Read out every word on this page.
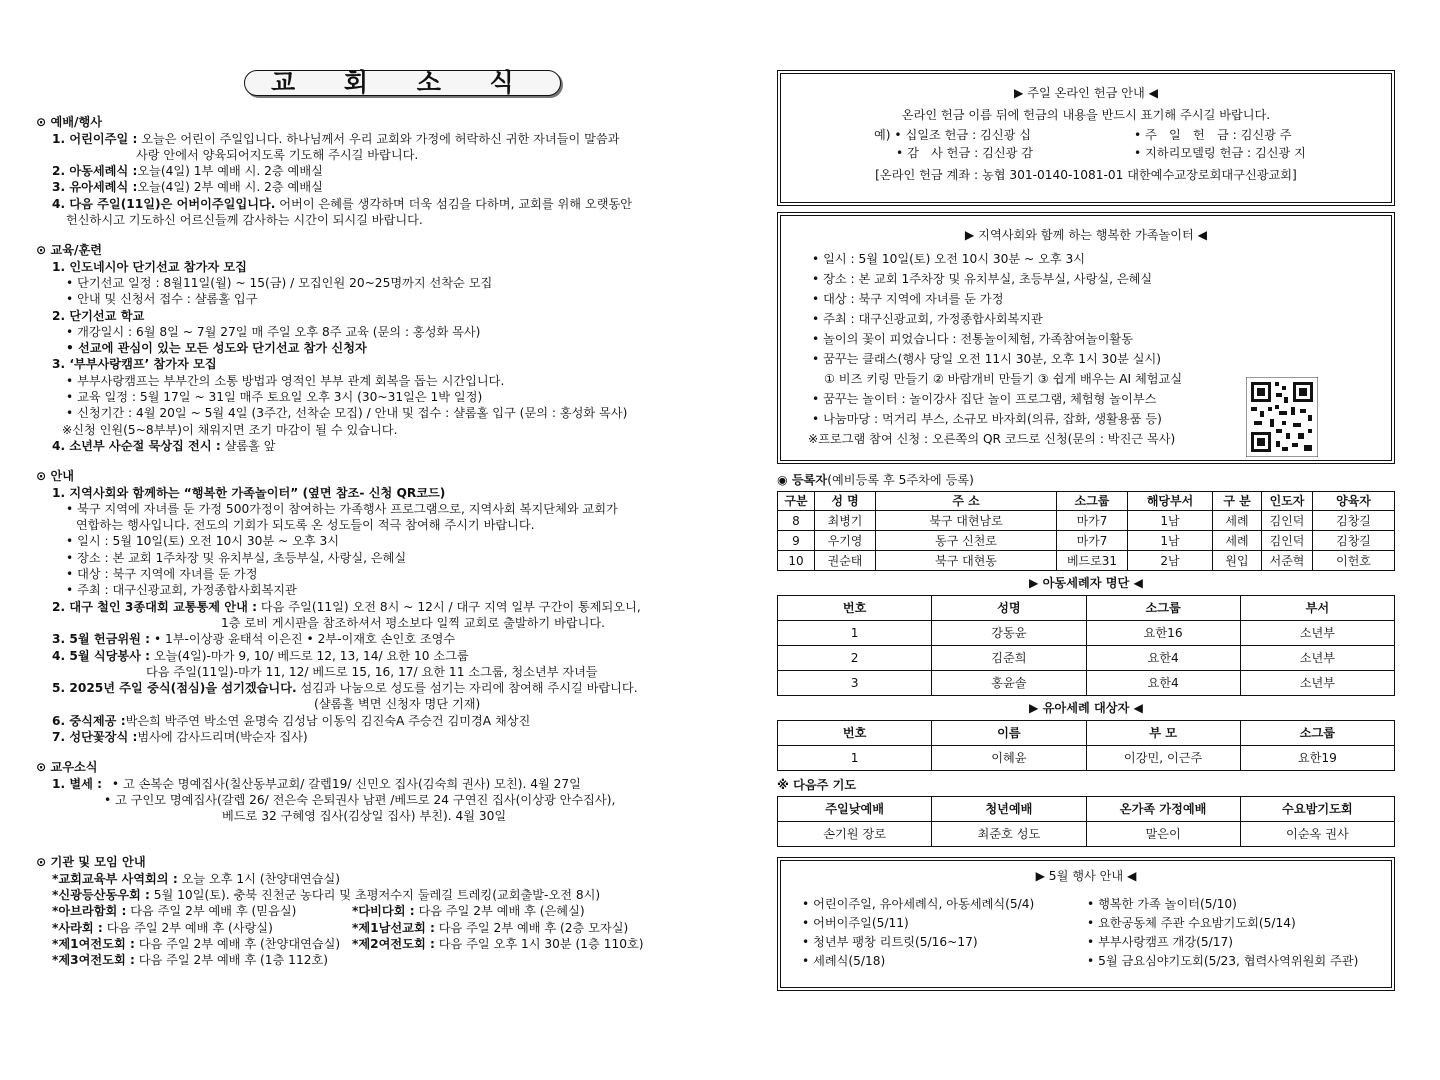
교 회 소 식
⊙ 예배/행사
1. 어린이주일 : 오늘은 어린이 주일입니다. 하나님께서 우리 교회와 가정에 허락하신 귀한 자녀들이 말씀과
사랑 안에서 양육되어지도록 기도해 주시길 바랍니다.
2. 아동세례식 :오늘(4일) 1부 예배 시. 2층 예배실
3. 유아세례식 :오늘(4일) 2부 예배 시. 2층 예배실
4. 다음 주일(11일)은 어버이주일입니다. 어버이 은혜를 생각하며 더욱 섬김을 다하며, 교회를 위해 오랫동안
헌신하시고 기도하신 어르신들께 감사하는 시간이 되시길 바랍니다.
⊙ 교육/훈련
1. 인도네시아 단기선교 참가자 모집
• 단기선교 일정 : 8월11일(월) ~ 15(금) / 모집인원 20~25명까지 선착순 모집
• 안내 및 신청서 접수 : 샬롬홀 입구
2. 단기선교 학교
• 개강일시 : 6월 8일 ~ 7월 27일 매 주일 오후 8주 교육 (문의 : 홍성화 목사)
• 선교에 관심이 있는 모든 성도와 단기선교 참가 신청자
3. ‘부부사랑캠프’ 참가자 모집
• 부부사랑캠프는 부부간의 소통 방법과 영적인 부부 관계 회복을 돕는 시간입니다.
• 교육 일정 : 5월 17일 ~ 31일 매주 토요일 오후 3시 (30~31일은 1박 일정)
• 신청기간 : 4월 20일 ~ 5월 4일 (3주간, 선착순 모집) / 안내 및 접수 : 샬롬홀 입구 (문의 : 홍성화 목사)
※신청 인원(5~8부부)이 채워지면 조기 마감이 될 수 있습니다.
4. 소년부 사순절 묵상집 전시 : 샬롬홀 앞
⊙ 안내
1. 지역사회와 함께하는 “행복한 가족놀이터” (옆면 참조- 신청 QR코드)
• 북구 지역에 자녀를 둔 가정 500가정이 참여하는 가족행사 프로그램으로, 지역사회 복지단체와 교회가
연합하는 행사입니다. 전도의 기회가 되도록 온 성도들이 적극 참여해 주시기 바랍니다.
• 일시 : 5월 10일(토) 오전 10시 30분 ~ 오후 3시
• 장소 : 본 교회 1주차장 및 유치부실, 초등부실, 사랑실, 은혜실
• 대상 : 북구 지역에 자녀를 둔 가정
• 주최 : 대구신광교회, 가정종합사회복지관
2. 대구 철인 3종대회 교통통제 안내 : 다음 주일(11일) 오전 8시 ~ 12시 / 대구 지역 일부 구간이 통제되오니,
1층 로비 게시판을 참조하셔서 평소보다 일찍 교회로 출발하기 바랍니다.
3. 5월 헌금위원 : • 1부-이상광 윤태석 이은진 • 2부-이재호 손인호 조영수
4. 5월 식당봉사 : 오늘(4일)-마가 9, 10/ 베드로 12, 13, 14/ 요한 10 소그룹
다음 주일(11일)-마가 11, 12/ 베드로 15, 16, 17/ 요한 11 소그룹, 청소년부 자녀들
5. 2025년 주일 중식(점심)을 섬기겠습니다. 섬김과 나눔으로 성도를 섬기는 자리에 참여해 주시길 바랍니다.
(샬롬홀 벽면 신청자 명단 기재)
6. 중식제공 :박은희 박주연 박소연 윤명숙 김성남 이동익 김진숙A 주승건 김미경A 채상진
7. 성단꽃장식 :범사에 감사드리며(박순자 집사)
⊙ 교우소식
1. 별세 : • 고 손복순 명예집사(칠산동부교회/ 갈렙19/ 신민오 집사(김숙희 권사) 모친). 4월 27일
• 고 구인모 명예집사(갈렙 26/ 전은숙 은퇴권사 남편 /베드로 24 구연진 집사(이상광 안수집사),
베드로 32 구혜영 집사(김상일 집사) 부친). 4월 30일
⊙ 기관 및 모임 안내
*교회교육부 사역회의 : 오늘 오후 1시 (찬양대연습실)
*신광등산동우회 : 5월 10일(토). 충북 진천군 농다리 및 초평저수지 둘레길 트레킹(교회출발-오전 8시)
*아브라함회 : 다음 주일 2부 예배 후 (믿음실)	*다비다회 : 다음 주일 2부 예배 후 (은혜실)
*사라회 : 다음 주일 2부 예배 후 (사랑실)	*제1남선교회 : 다음 주일 2부 예배 후 (2층 모자실)
*제1여전도회 : 다음 주일 2부 예배 후 (찬양대연습실) *제2여전도회 : 다음 주일 오후 1시 30분 (1층 110호)
*제3여전도회 : 다음 주일 2부 예배 후 (1층 112호)
▶ 주일 온라인 헌금 안내 ◀
온라인 헌금 이름 뒤에 헌금의 내용을 반드시 표기해 주시길 바랍니다.
예) • 십일조 헌금 : 김신광 십	• 주　일　헌　금 : 김신광 주
• 감　사 헌금 : 김신광 감	• 지하리모델링 헌금 : 김신광 지
[온라인 헌금 계좌 : 농협 301-0140-1081-01 대한예수교장로회대구신광교회]
▶ 지역사회와 함께 하는 행복한 가족놀이터 ◀
• 일시 : 5월 10일(토) 오전 10시 30분 ~ 오후 3시
• 장소 : 본 교회 1주차장 및 유치부실, 초등부실, 사랑실, 은혜실
• 대상 : 북구 지역에 자녀를 둔 가정
• 주최 : 대구신광교회, 가정종합사회복지관
• 놀이의 꽃이 피었습니다 : 전통놀이체험, 가족참여놀이활동
• 꿈꾸는 클래스(행사 당일 오전 11시 30분, 오후 1시 30분 실시)
① 비즈 키링 만들기 ② 바람개비 만들기 ③ 쉽게 배우는 AI 체험교실
• 꿈꾸는 놀이터 : 놀이강사 집단 놀이 프로그램, 체험형 놀이부스
• 나눔마당 : 먹거리 부스, 소규모 바자회(의류, 잡화, 생활용품 등)
※프로그램 참여 신청 : 오른쪽의 QR 코드로 신청(문의 : 박진근 목사)
◉ 등록자(예비등록 후 5주차에 등록)
구분	성 명	주 소	소그룹	해당부서	구 분	인도자	양육자
8	최병기	북구 대현남로	마가7	1남	세례	김인덕	김창길
9	우기영	동구 신천로	마가7	1남	세례	김인덕	김창길
10	권순태	북구 대현동	베드로31	2남	원입	서준혁	이헌호
▶ 아동세례자 명단 ◀
번호	성명	소그룹	부서
1	강동윤	요한16	소년부
2	김준희	요한4	소년부
3	홍윤솔	요한4	소년부
▶ 유아세례 대상자 ◀
번호	이름	부 모	소그룹
1	이혜윤	이강민, 이근주	요한19
※ 다음주 기도
주일낮예배	청년예배	온가족 가정예배	수요밤기도회
손기원 장로	최준호 성도	말은이	이순옥 권사
▶ 5월 행사 안내 ◀
• 어린이주일, 유아세례식, 아동세례식(5/4)	• 행복한 가족 놀이터(5/10)
• 어버이주일(5/11)	• 요한공동체 주관 수요밤기도회(5/14)
• 청년부 팽창 리트릿(5/16~17)	• 부부사랑캠프 개강(5/17)
• 세례식(5/18)	• 5월 금요심야기도회(5/23, 협력사역위원회 주관)
